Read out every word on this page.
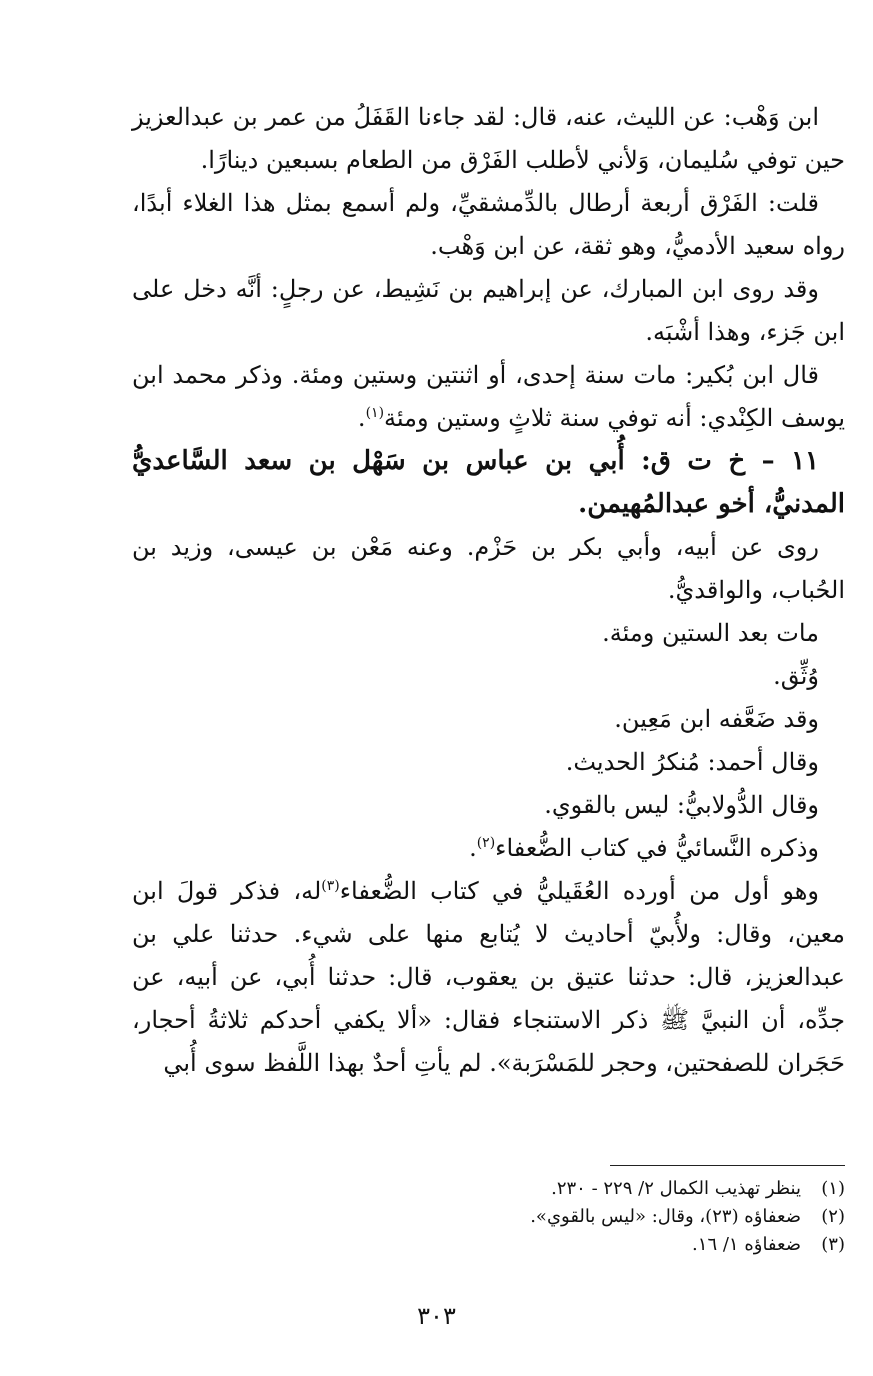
ابن وَهْب: عن الليث، عنه، قال: لقد جاءنا القَفَلُ من عمر بن عبدالعزيز حين توفي سُليمان، وَلأني لأطلب الفَرْق من الطعام بسبعين دينارًا.

قلت: الفَرْق أربعة أرطال بالدِّمشقيِّ، ولم أسمع بمثل هذا الغلاء أبدًا، رواه سعيد الأدميُّ، وهو ثقة، عن ابن وَهْب.

وقد روى ابن المبارك، عن إبراهيم بن نَشِيط، عن رجلٍ: أنَّه دخل على ابن جَزء، وهذا أشْبَه.

قال ابن بُكير: مات سنة إحدى، أو اثنتين وستين ومئة. وذكر محمد ابن يوسف الكِنْدي: أنه توفي سنة ثلاثٍ وستين ومئة$^{(١)}$.

١١ – خ ت ق: أُبي بن عباس بن سَهْل بن سعد السَّاعديُّ المدنيُّ، أخو عبدالمُهيمن.

روى عن أبيه، وأبي بكر بن حَزْم. وعنه مَعْن بن عيسى، وزيد بن الحُباب، والواقديُّ.

مات بعد الستين ومئة.

وُثِّق.

وقد ضَعَّفه ابن مَعِين.

وقال أحمد: مُنكرُ الحديث.

وقال الدُّولابيُّ: ليس بالقوي.

وذكره النَّسائيُّ في كتاب الضُّعفاء$^{(٢)}$.

وهو أول من أورده العُقَيليُّ في كتاب الضُّعفاء$^{(٣)}$له، فذكر قولَ ابن معين، وقال: ولأُبيّ أحاديث لا يُتابع منها على شيء. حدثنا علي بن عبدالعزيز، قال: حدثنا عتيق بن يعقوب، قال: حدثنا أُبي، عن أبيه، عن جدِّه، أن النبيَّ ﷺ ذكر الاستنجاء فقال: «ألا يكفي أحدكم ثلاثةُ أحجار، حَجَران للصفحتين، وحجر للمَسْرَبة». لم يأتِ أحدٌ بهذا اللَّفظ سوى أُبي

(١)
ينظر تهذيب الكمال ٢/ ٢٢٩ - ٢٣٠.
(٢)
ضعفاؤه (٢٣)، وقال: «ليس بالقوي».
(٣)
ضعفاؤه ١/ ١٦.
٣٠٣
